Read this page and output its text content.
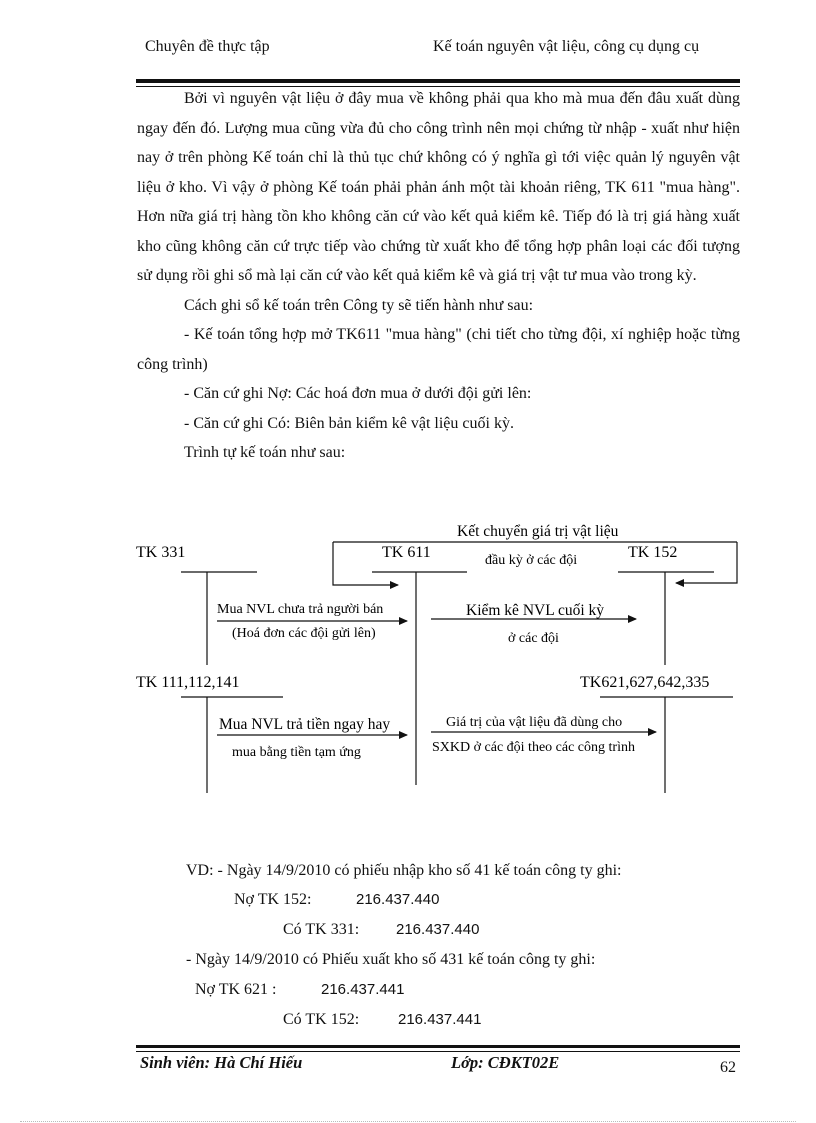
Chuyên đề thực tập	Kế toán nguyên vật liệu, công cụ dụng cụ

Bởi vì nguyên vật liệu ở đây mua về không phải qua kho mà mua đến đâu xuất dùng ngay đến đó. Lượng mua cũng vừa đủ cho công trình nên mọi chứng từ nhập - xuất như hiện nay ở trên phòng Kế toán chỉ là thủ tục chứ không có ý nghĩa gì tới việc quản lý nguyên vật liệu ở kho. Vì vậy ở phòng Kế toán phải phản ánh một tài khoản riêng, TK 611 "mua hàng". Hơn nữa giá trị hàng tồn kho không căn cứ vào kết quả kiểm kê. Tiếp đó là trị giá hàng xuất kho cũng không căn cứ trực tiếp vào chứng từ xuất kho để tổng hợp phân loại các đối tượng sử dụng rồi ghi sổ mà lại căn cứ vào kết quả kiểm kê và giá trị vật tư mua vào trong kỳ.

Cách ghi sổ kế toán trên Công ty sẽ tiến hành như sau:

- Kế toán tổng hợp mở TK611 "mua hàng" (chi tiết cho từng đội, xí nghiệp hoặc từng công trình)

- Căn cứ ghi Nợ: Các hoá đơn mua ở dưới đội gửi lên:

- Căn cứ ghi Có: Biên bản kiểm kê vật liệu cuối kỳ.

Trình tự kế toán như sau:

TK 331	TK 611	TK 152
TK 111,112,141	TK621,627,642,335
Kết chuyển giá trị vật liệu
đầu kỳ ở các đội
Mua NVL chưa trả người bán
(Hoá đơn các đội gửi lên)
Kiểm kê NVL cuối kỳ
ở các đội
Mua NVL trả tiền ngay hay
mua bằng tiền tạm ứng
Giá trị của vật liệu đã dùng cho
SXKD ở các đội theo các công trình
VD: - Ngày 14/9/2010 có phiếu nhập kho số 41 kế toán công ty ghi:
Nợ TK 152:	216.437.440
Có TK 331: 216.437.440
- Ngày 14/9/2010 có Phiếu xuất kho số 431 kế toán công ty ghi:
Nợ TK 621 :	216.437.441
Có TK 152:	216.437.441
Sinh viên: Hà Chí Hiếu	Lớp: CĐKT02E	62
